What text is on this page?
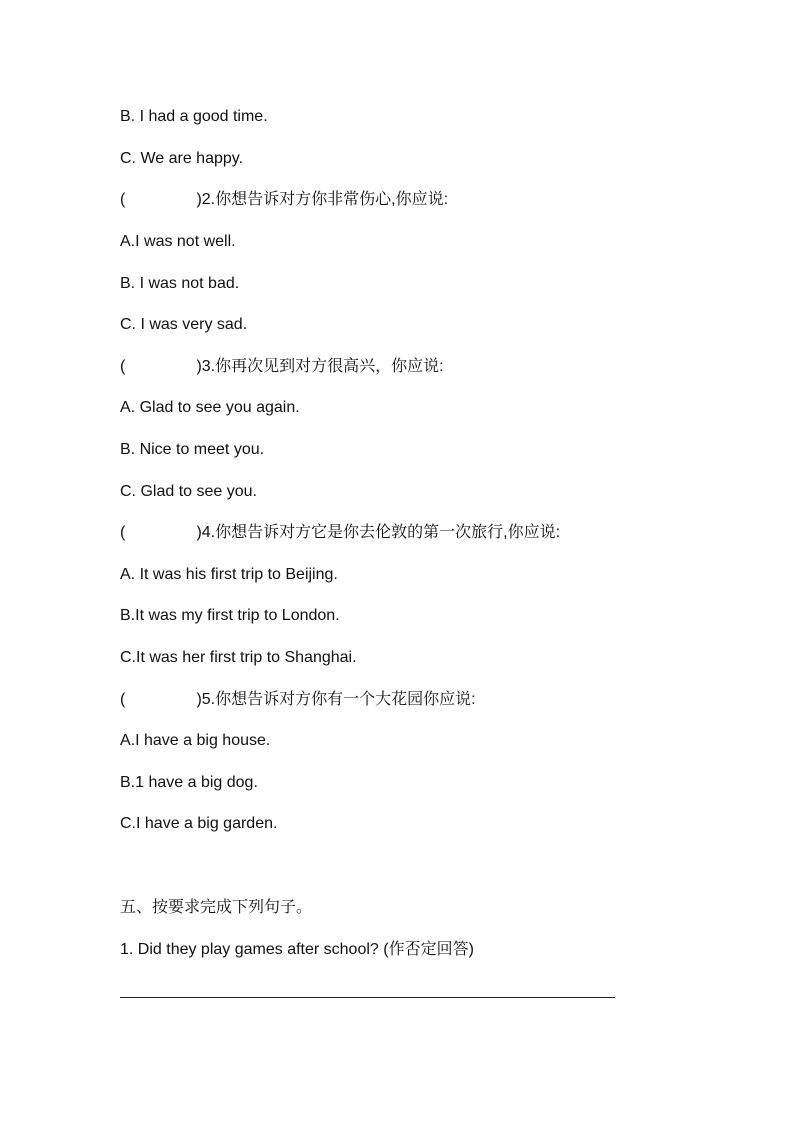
B. I had a good time.
C. We are happy.
(                )2.你想告诉对方你非常伤心,你应说:
A.I was not well.
B. I was not bad.
C. I was very sad.
(                )3.你再次见到对方很高兴，你应说:
A. Glad to see you again.
B. Nice to meet you.
C. Glad to see you.
(                )4.你想告诉对方它是你去伦敦的第一次旅行,你应说:
A. It was his first trip to Beijing.
B.It was my first trip to London.
C.It was her first trip to Shanghai.
(                )5.你想告诉对方你有一个大花园你应说:
A.I have a big house.
B.1 have a big dog.
C.I have a big garden.
五、按要求完成下列句子。
1. Did they play games after school? (作否定回答)
